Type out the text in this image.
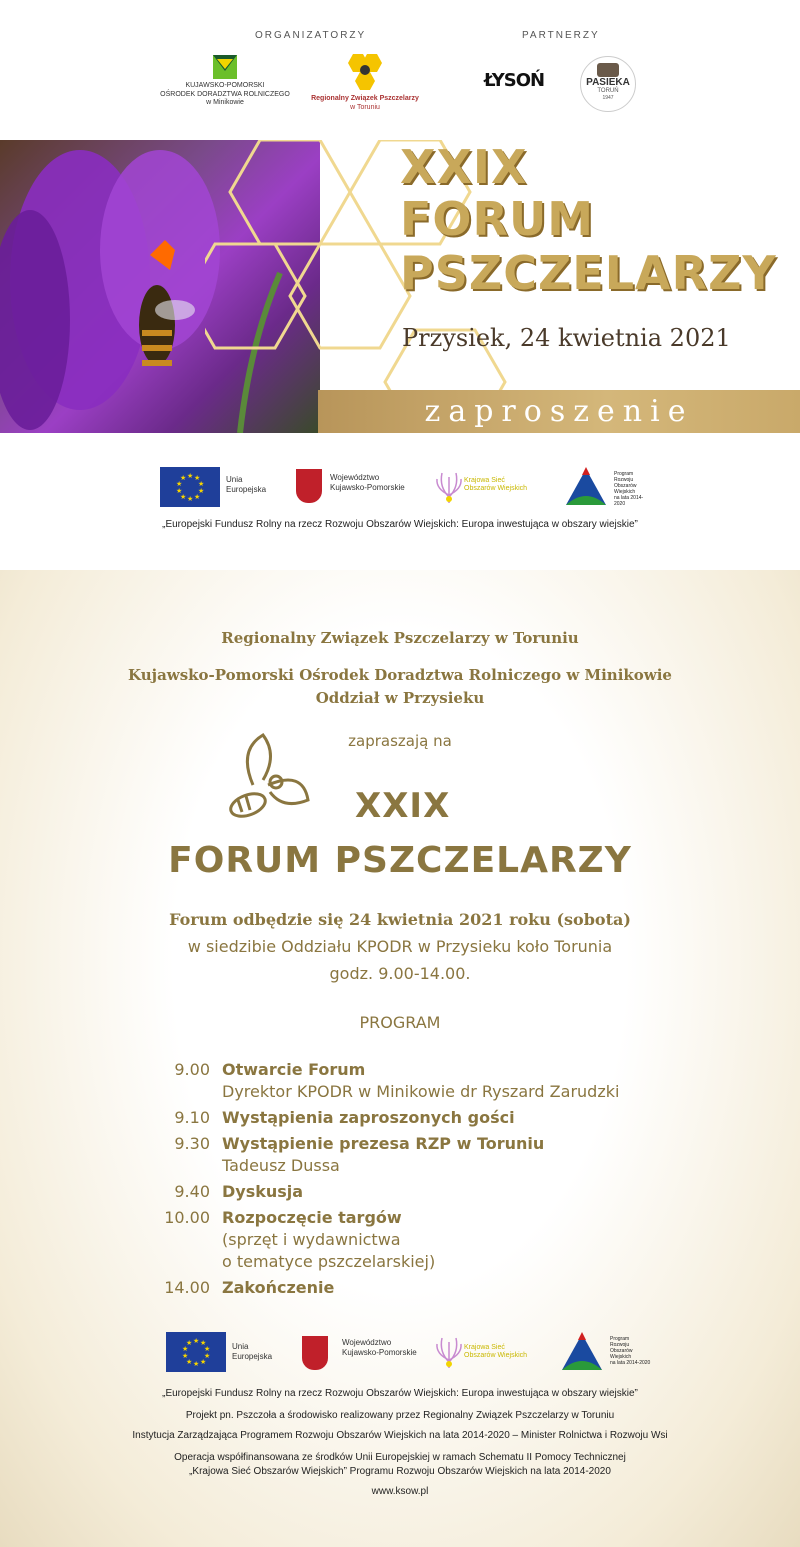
ORGANIZATORZY	PARTNERZY
KUJAWSKO-POMORSKI
OŚRODEK DORADZTWA ROLNICZEGO
w Minikowie
Regionalny Związek Pszczelarzy
w Toruniu
ŁYSOŃ	PASIEKA
TORUŃ
1947
XXIX
FORUM
PSZCZELARZY
Przysiek, 24 kwietnia 2021
zaproszenie
★ ★
★
★
★
★
★
★
★
★	Unia
Europejska
Województwo
Kujawsko-Pomorskie
Krajowa Sieć
Obszarów Wiejskich
Program
Rozwoju
Obszarów
Wiejskich
na lata 2014-2020
„Europejski Fundusz Rolny na rzecz Rozwoju Obszarów Wiejskich: Europa inwestująca w obszary wiejskie”
Regionalny Związek Pszczelarzy w Toruniu
Kujawsko-Pomorski Ośrodek Doradztwa Rolniczego w Minikowie
Oddział w Przysieku
zapraszają na
XXIX
FORUM PSZCZELARZY
Forum odbędzie się 24 kwietnia 2021 roku (sobota)
w siedzibie Oddziału KPODR w Przysieku koło Torunia
godz. 9.00-14.00.
PROGRAM
9.00 Otwarcie Forum
Dyrektor KPODR w Minikowie dr Ryszard Zarudzki
9.10 Wystąpienia zaproszonych gości
9.30 Wystąpienie prezesa RZP w Toruniu
Tadeusz Dussa
9.40 Dyskusja
10.00 Rozpoczęcie targów
(sprzęt i wydawnictwa
o tematyce pszczelarskiej)
14.00 Zakończenie
★ ★
★
★
★
★
★
★
★
★	Unia
Europejska
Województwo
Kujawsko-Pomorskie
Krajowa Sieć
Obszarów Wiejskich
Program
Rozwoju
Obszarów
Wiejskich
na lata 2014-2020
„Europejski Fundusz Rolny na rzecz Rozwoju Obszarów Wiejskich: Europa inwestująca w obszary wiejskie”
Projekt pn. Pszczoła a środowisko realizowany przez Regionalny Związek Pszczelarzy w Toruniu
Instytucja Zarządzająca Programem Rozwoju Obszarów Wiejskich na lata 2014-2020 – Minister Rolnictwa i Rozwoju Wsi
Operacja współfinansowana ze środków Unii Europejskiej w ramach Schematu II Pomocy Technicznej
„Krajowa Sieć Obszarów Wiejskich” Programu Rozwoju Obszarów Wiejskich na lata 2014-2020
www.ksow.pl
